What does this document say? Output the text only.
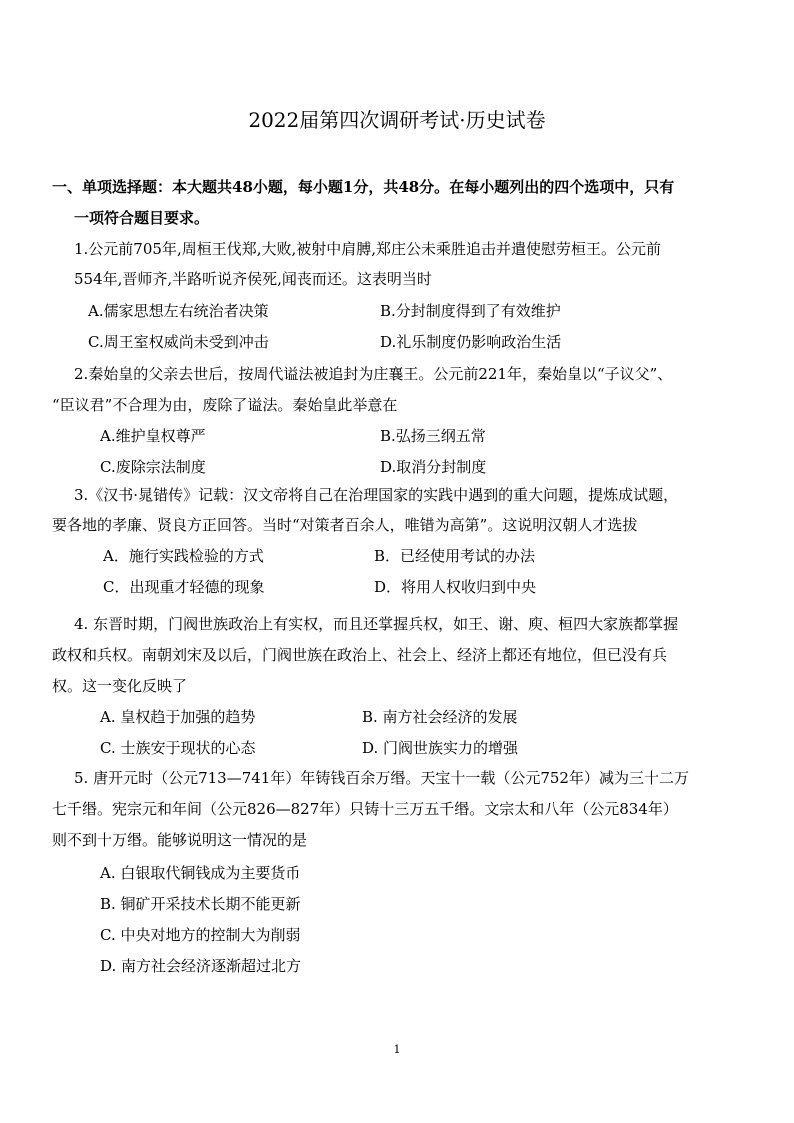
2022届第四次调研考试·历史试卷
一、单项选择题：本大题共48小题，每小题1分，共48分。在每小题列出的四个选项中，只有
一项符合题目要求。
1.公元前705年,周桓王伐郑,大败,被射中肩膊,郑庄公未乘胜追击并遣使慰劳桓王。公元前
554年,晋师齐,半路听说齐侯死,闻丧而还。这表明当时
A.儒家思想左右统治者决策	B.分封制度得到了有效维护
C.周王室权威尚未受到冲击	D.礼乐制度仍影响政治生活
2.秦始皇的父亲去世后，按周代谥法被追封为庄襄王。公元前221年，秦始皇以“子议父”、
“臣议君”不合理为由，废除了谥法。秦始皇此举意在
A.维护皇权尊严	B.弘扬三纲五常
C.废除宗法制度	D.取消分封制度
3.《汉书·晁错传》记载：汉文帝将自己在治理国家的实践中遇到的重大问题，提炼成试题，
要各地的孝廉、贤良方正回答。当时“对策者百余人，唯错为高第”。这说明汉朝人才选拔
A．施行实践检验的方式	B．已经使用考试的办法
C．出现重才轻德的现象	D．将用人权收归到中央
4. 东晋时期，门阀世族政治上有实权，而且还掌握兵权，如王、谢、庾、桓四大家族都掌握
政权和兵权。南朝刘宋及以后，门阀世族在政治上、社会上、经济上都还有地位，但已没有兵
权。这一变化反映了
A. 皇权趋于加强的趋势	B. 南方社会经济的发展
C. 士族安于现状的心态	D. 门阀世族实力的增强
5. 唐开元时（公元713—741年）年铸钱百余万缗。天宝十一载（公元752年）减为三十二万
七千缗。宪宗元和年间（公元826—827年）只铸十三万五千缗。文宗太和八年（公元834年）
则不到十万缗。能够说明这一情况的是
A. 白银取代铜钱成为主要货币
B. 铜矿开采技术长期不能更新
C. 中央对地方的控制大为削弱
D. 南方社会经济逐渐超过北方
1
